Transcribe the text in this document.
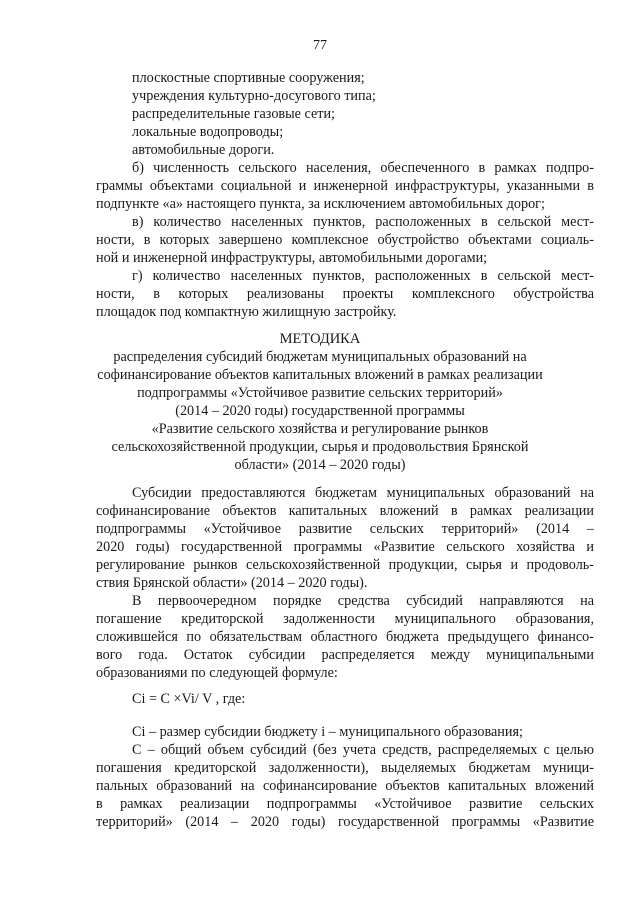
77
плоскостные спортивные сооружения;
учреждения культурно-досугового типа;
распределительные газовые сети;
локальные водопроводы;
автомобильные дороги.
б) численность сельского населения, обеспеченного в рамках подпро-
граммы объектами социальной и инженерной инфраструктуры, указанными в
подпункте «а» настоящего пункта, за исключением автомобильных дорог;
в) количество населенных пунктов, расположенных в сельской мест-
ности, в которых завершено комплексное обустройство объектами социаль-
ной и инженерной инфраструктуры, автомобильными дорогами;
г) количество населенных пунктов, расположенных в сельской мест-
ности, в которых реализованы проекты комплексного обустройства
площадок под компактную жилищную застройку.
МЕТОДИКА
распределения субсидий бюджетам муниципальных образований на
софинансирование объектов капитальных вложений в рамках реализации
подпрограммы «Устойчивое развитие сельских территорий»
(2014 – 2020 годы) государственной программы
«Развитие сельского хозяйства и регулирование рынков
сельскохозяйственной продукции, сырья и продовольствия Брянской
области» (2014 – 2020 годы)
Субсидии предоставляются бюджетам муниципальных образований на
софинансирование объектов капитальных вложений в рамках реализации
подпрограммы «Устойчивое развитие сельских территорий» (2014 –
2020 годы) государственной программы «Развитие сельского хозяйства и
регулирование рынков сельскохозяйственной продукции, сырья и продоволь-
ствия Брянской области» (2014 – 2020 годы).
В первоочередном порядке средства субсидий направляются на
погашение кредиторской задолженности муниципального образования,
сложившейся по обязательствам областного бюджета предыдущего финансо-
вого года. Остаток субсидии распределяется между муниципальными
образованиями по следующей формуле:
Ci = C ×Vi/ V , где:
Ci – размер субсидии бюджету i – муниципального образования;
С – общий объем субсидий (без учета средств, распределяемых с целью
погашения кредиторской задолженности), выделяемых бюджетам муници-
пальных образований на софинансирование объектов капитальных вложений
в рамках реализации подпрограммы «Устойчивое развитие сельских
территорий» (2014 – 2020 годы) государственной программы «Развитие
